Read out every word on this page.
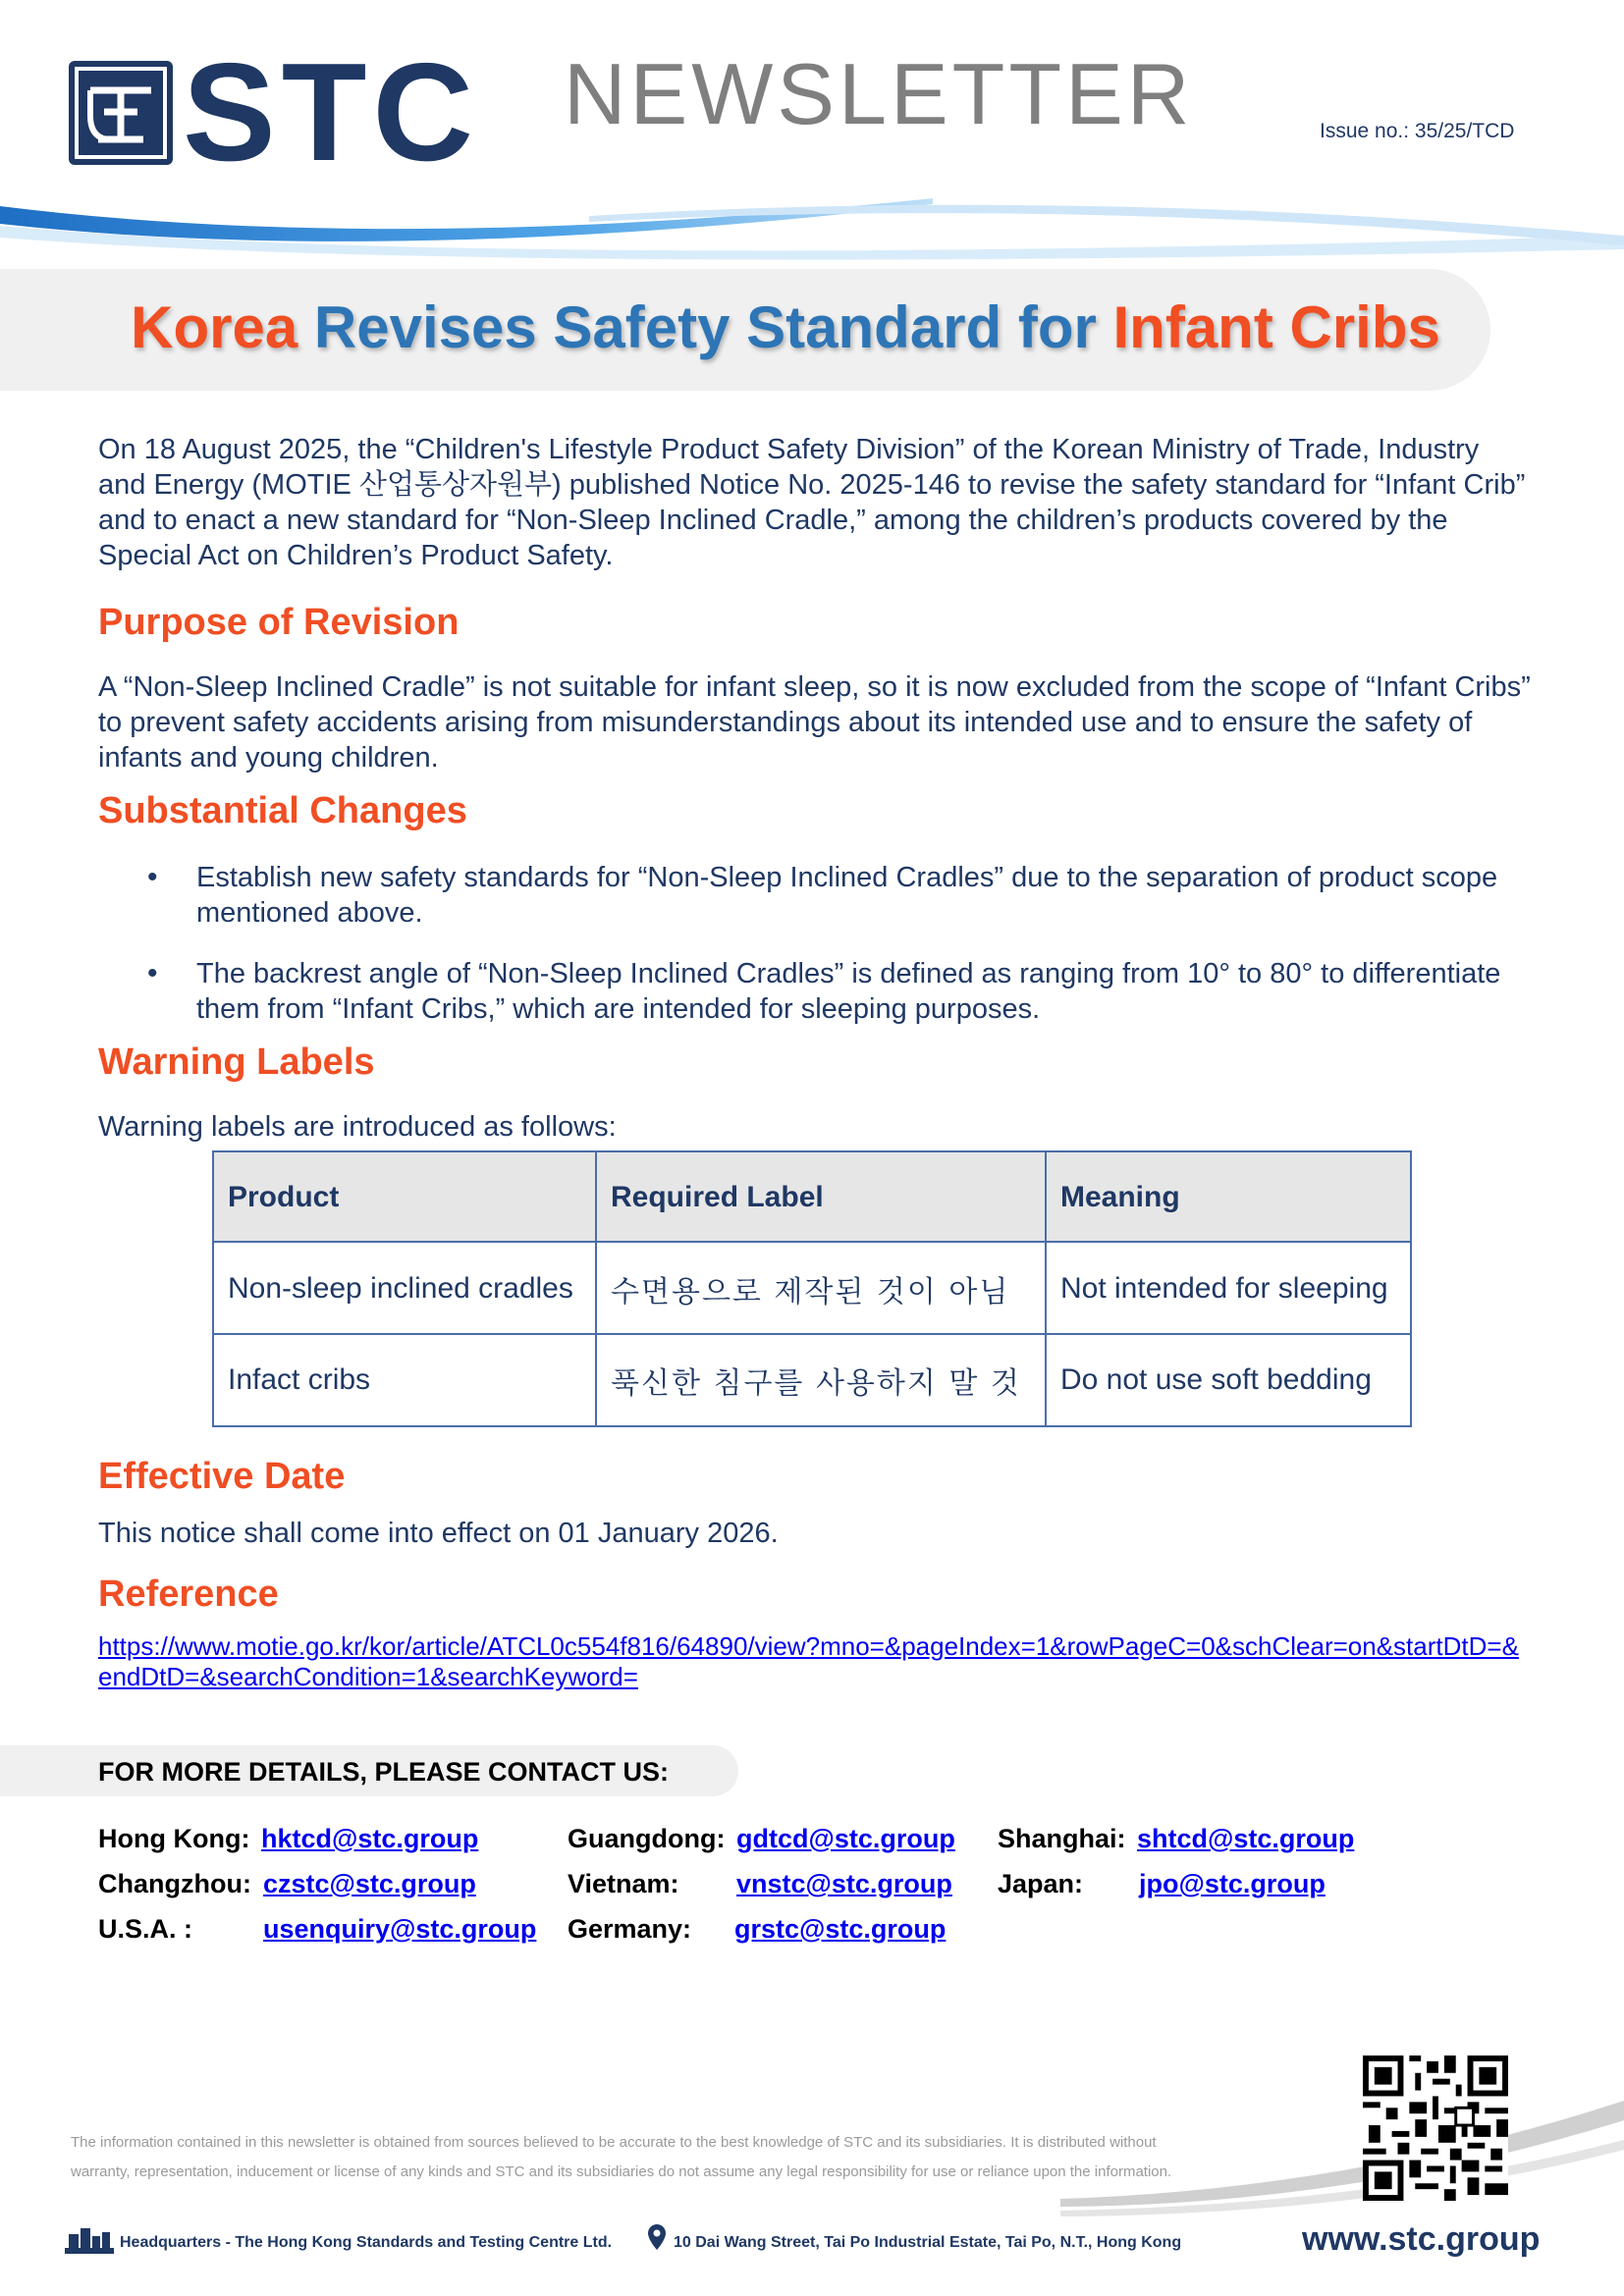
STC NEWSLETTER	Issue no.: 35/25/TCD
Korea Revises Safety Standard for Infant Cribs
On 18 August 2025, the “Children's Lifestyle Product Safety Division” of the Korean Ministry of Trade, Industry and Energy (MOTIE 산업통상자원부) published Notice No. 2025-146 to revise the safety standard for “Infant Crib” and to enact a new standard for “Non-Sleep Inclined Cradle,” among the children’s products covered by the Special Act on Children’s Product Safety.
Purpose of Revision
A “Non-Sleep Inclined Cradle” is not suitable for infant sleep, so it is now excluded from the scope of “Infant Cribs” to prevent safety accidents arising from misunderstandings about its intended use and to ensure the safety of infants and young children.
Substantial Changes
• Establish new safety standards for “Non-Sleep Inclined Cradles” due to the separation of product scope mentioned above.
• The backrest angle of “Non-Sleep Inclined Cradles” is defined as ranging from 10° to 80° to differentiate them from “Infant Cribs,” which are intended for sleeping purposes.
Warning Labels
Warning labels are introduced as follows:
Product	Required Label	Meaning
Non-sleep inclined cradles	수면용으로 제작된 것이 아님	Not intended for sleeping
Infact cribs	푹신한 침구를 사용하지 말 것	Do not use soft bedding
Effective Date
This notice shall come into effect on 01 January 2026.
Reference
https://www.motie.go.kr/kor/article/ATCL0c554f816/64890/view?mno=&pageIndex=1&rowPageC=0&schClear=on&startDtD=&endDtD=&searchCondition=1&searchKeyword=
FOR MORE DETAILS, PLEASE CONTACT US:
Hong Kong: hktcd@stc.group	Guangdong: gdtcd@stc.group Shanghai: shtcd@stc.group
Changzhou: czstc@stc.group	Vietnam: vnstc@stc.group Japan: jpo@stc.group
U.S.A. :	usenquiry@stc.group Germany: grstc@stc.group
The information contained in this newsletter is obtained from sources believed to be accurate to the best knowledge of STC and its subsidiaries. It is distributed without
warranty, representation, inducement or license of any kinds and STC and its subsidiaries do not assume any legal responsibility for use or reliance upon the information.
Headquarters - The Hong Kong Standards and Testing Centre Ltd.	10 Dai Wang Street, Tai Po Industrial Estate, Tai Po, N.T., Hong Kong	www.stc.group
